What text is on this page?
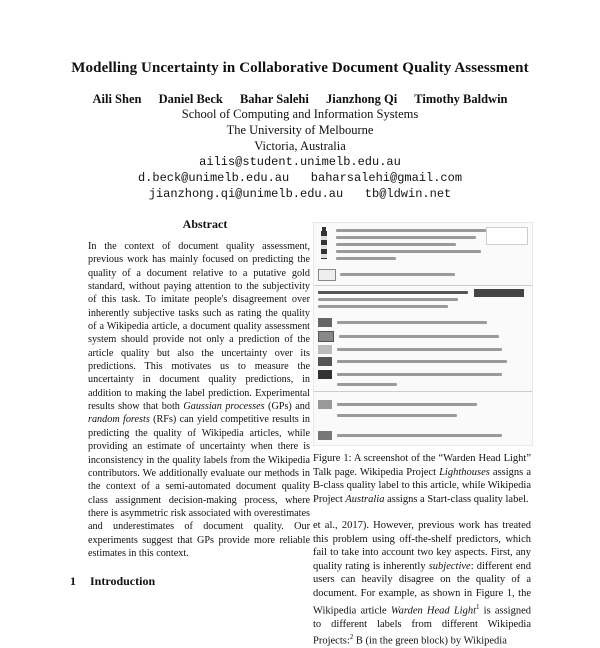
Modelling Uncertainty in Collaborative Document Quality Assessment
Aili Shen Daniel Beck Bahar Salehi Jianzhong Qi Timothy Baldwin
School of Computing and Information Systems
The University of Melbourne
Victoria, Australia
ailis@student.unimelb.edu.au
d.beck@unimelb.edu.au   baharsalehi@gmail.com
jianzhong.qi@unimelb.edu.au   tb@ldwin.net
Abstract
In the context of document quality assessment, previous work has mainly focused on predicting the quality of a document relative to a putative gold standard, without paying attention to the subjectivity of this task. To imitate people's disagreement over inherently subjective tasks such as rating the quality of a Wikipedia article, a document quality assessment system should provide not only a prediction of the article quality but also the uncertainty over its predictions. This motivates us to measure the uncertainty in document quality predictions, in addition to making the label prediction. Experimental results show that both Gaussian processes (GPs) and random forests (RFs) can yield competitive results in predicting the quality of Wikipedia articles, while providing an estimate of uncertainty when there is inconsistency in the quality labels from the Wikipedia contributors. We additionally evaluate our methods in the context of a semi-automated document quality class assignment decision-making process, where there is asymmetric risk associated with overestimates and underestimates of document quality. Our experiments suggest that GPs provide more reliable estimates in this context.
1 Introduction
Figure 1: A screenshot of the “Warden Head Light” Talk page. Wikipedia Project Lighthouses assigns a B-class quality label to this article, while Wikipedia Project Australia assigns a Start-class quality label.
et al., 2017). However, previous work has treated this problem using off-the-shelf predictors, which fail to take into account two key aspects. First, any quality rating is inherently subjective: different end users can heavily disagree on the quality of a document. For example, as shown in Figure 1, the Wikipedia article Warden Head Light$^1$ is assigned to different labels from different Wikipedia Projects:$^2$ B (in the green block) by Wikipedia
